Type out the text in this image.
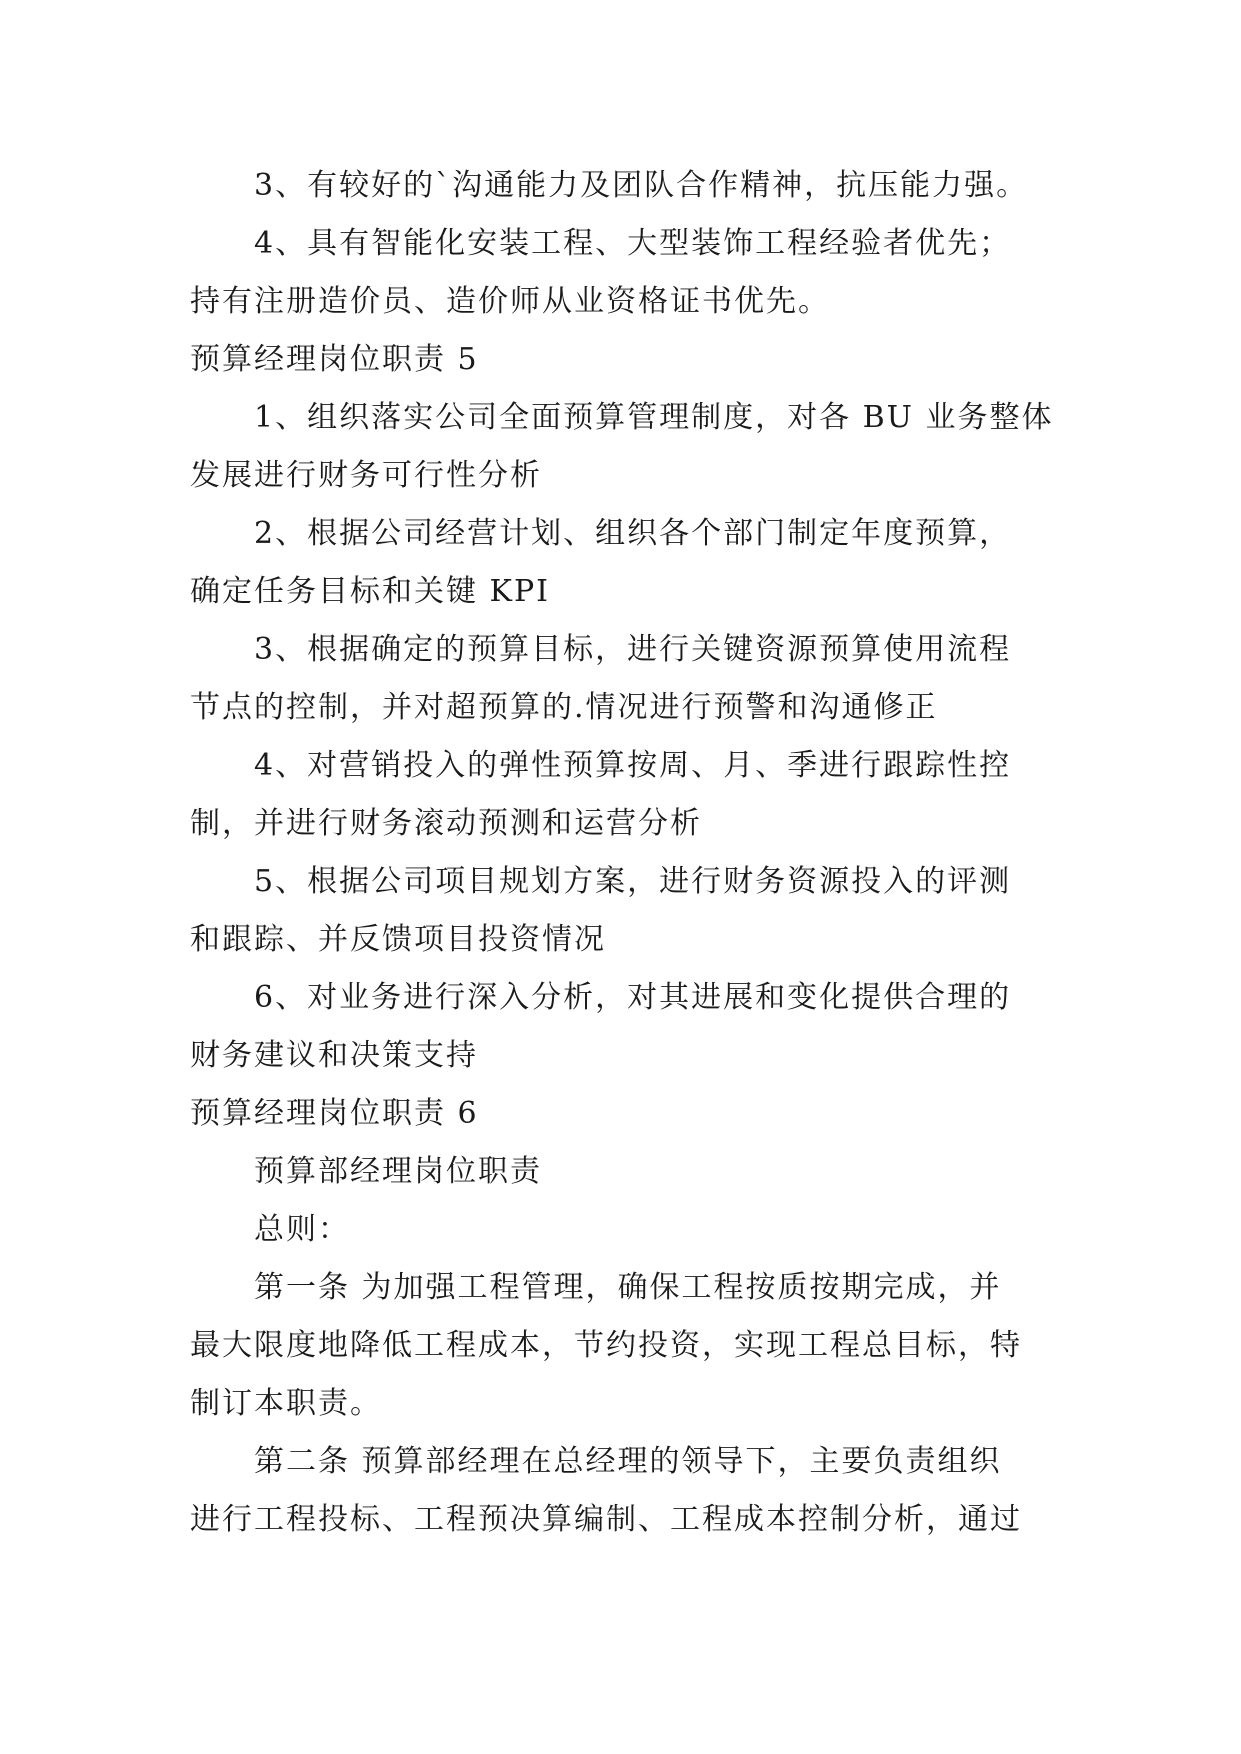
3、有较好的`沟通能力及团队合作精神，抗压能力强。
4、具有智能化安装工程、大型装饰工程经验者优先；
持有注册造价员、造价师从业资格证书优先。
预算经理岗位职责 5
1、组织落实公司全面预算管理制度，对各 BU 业务整体
发展进行财务可行性分析
2、根据公司经营计划、组织各个部门制定年度预算，
确定任务目标和关键 KPI
3、根据确定的预算目标，进行关键资源预算使用流程
节点的控制，并对超预算的.情况进行预警和沟通修正
4、对营销投入的弹性预算按周、月、季进行跟踪性控
制，并进行财务滚动预测和运营分析
5、根据公司项目规划方案，进行财务资源投入的评测
和跟踪、并反馈项目投资情况
6、对业务进行深入分析，对其进展和变化提供合理的
财务建议和决策支持
预算经理岗位职责 6
预算部经理岗位职责
总则：
第一条 为加强工程管理，确保工程按质按期完成，并
最大限度地降低工程成本，节约投资，实现工程总目标，特
制订本职责。
第二条 预算部经理在总经理的领导下，主要负责组织
进行工程投标、工程预决算编制、工程成本控制分析，通过
